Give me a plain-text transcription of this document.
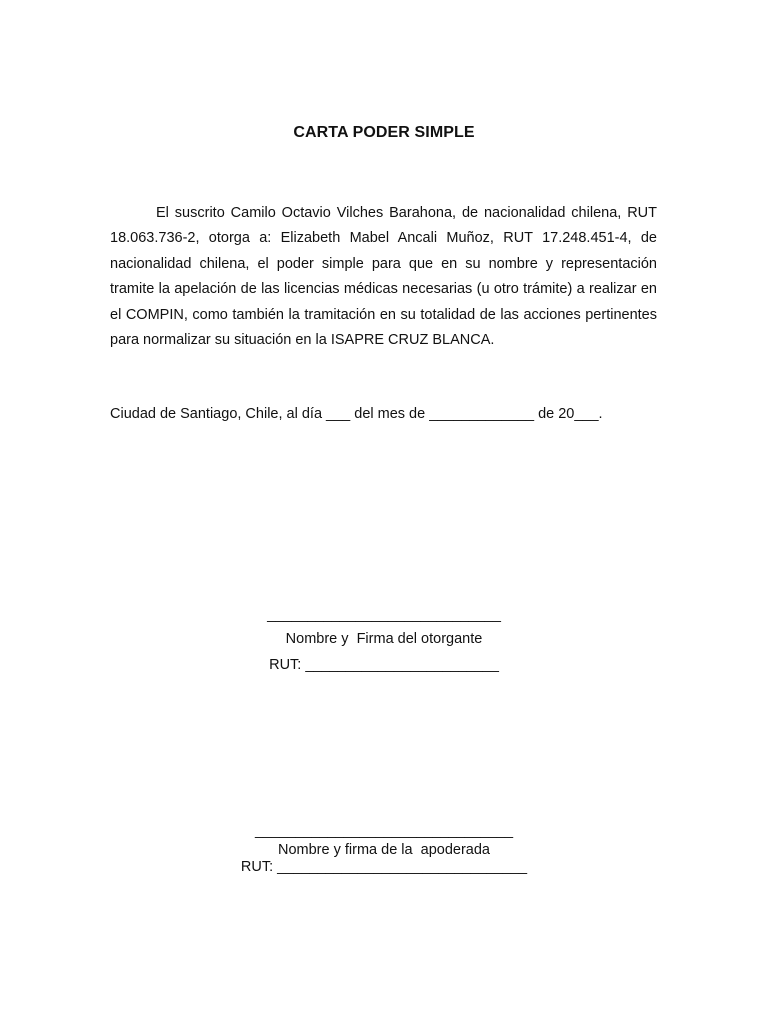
CARTA PODER SIMPLE

El suscrito Camilo Octavio Vilches Barahona, de nacionalidad chilena, RUT 18.063.736-2, otorga a: Elizabeth Mabel Ancali Muñoz, RUT 17.248.451-4, de nacionalidad chilena, el poder simple para que en su nombre y representación tramite la apelación de las licencias médicas necesarias (u otro trámite) a realizar en el COMPIN, como también la tramitación en su totalidad de las acciones pertinentes para normalizar su situación en la ISAPRE CRUZ BLANCA.

Ciudad de Santiago, Chile, al día ___ del mes de _____________ de 20___.

_____________________________
Nombre y  Firma del otorgante
RUT: ________________________
________________________________
Nombre y firma de la  apoderada
RUT: _______________________________
